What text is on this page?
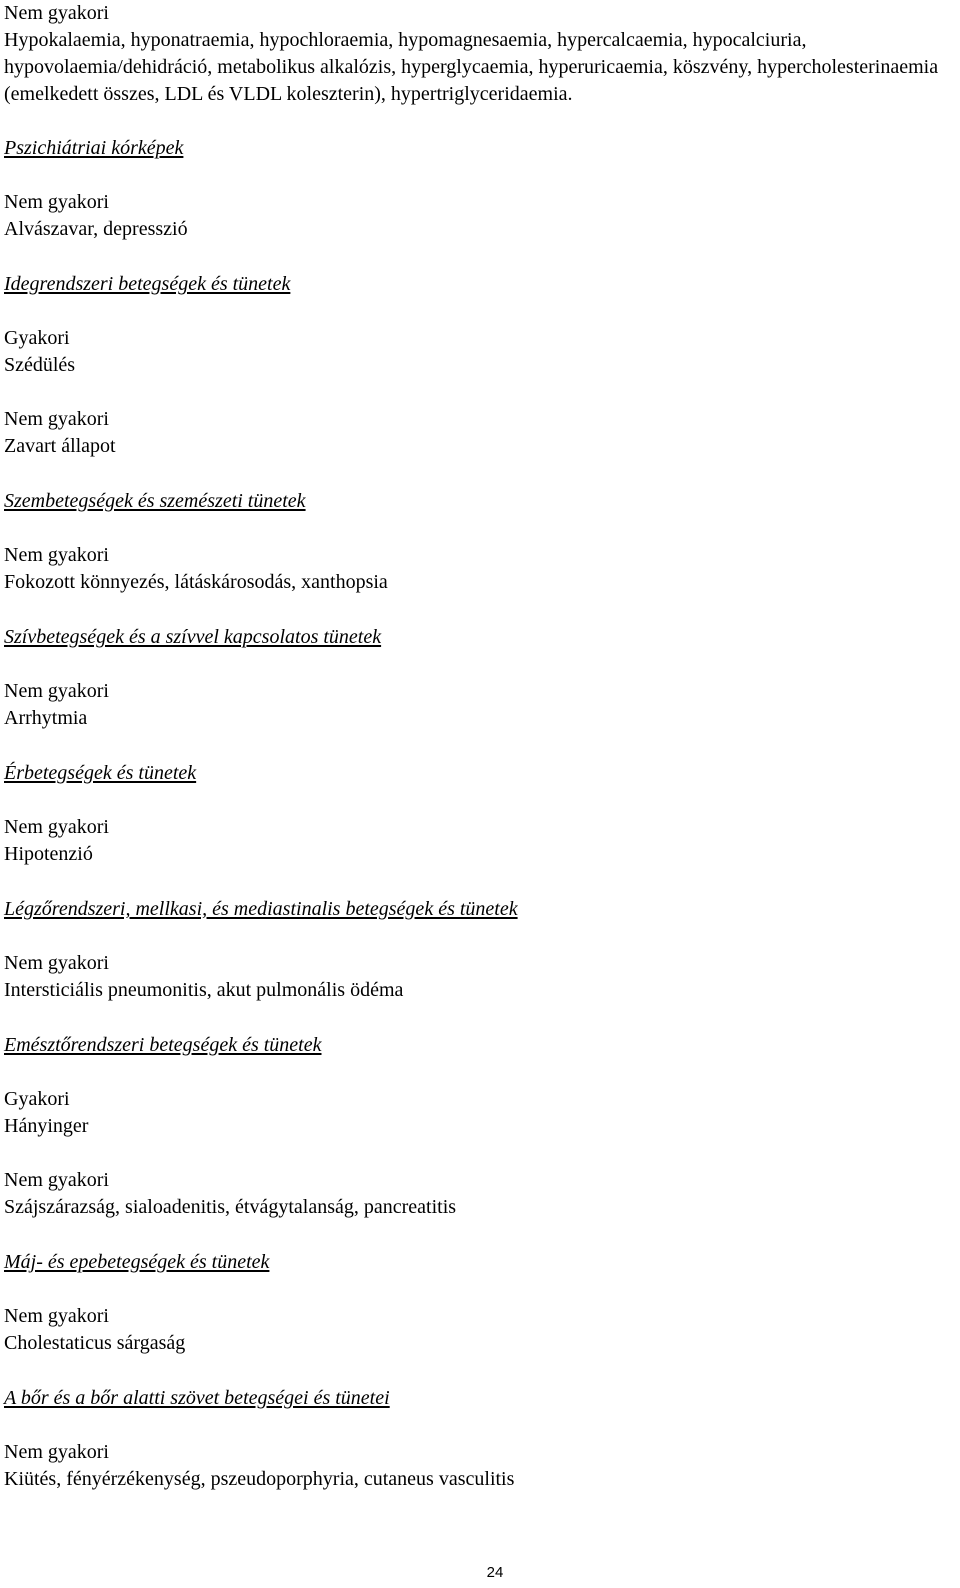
Nem gyakori

Hypokalaemia, hyponatraemia, hypochloraemia, hypomagnesaemia, hypercalcaemia, hypocalciuria, hypovolaemia/dehidráció, metabolikus alkalózis, hyperglycaemia, hyperuricaemia, köszvény, hypercholesterinaemia (emelkedett összes, LDL és VLDL koleszterin), hypertriglyceridaemia.

Pszichiátriai kórképek
Nem gyakori
Alvászavar, depresszió
Idegrendszeri betegségek és tünetek
Gyakori
Szédülés
Nem gyakori
Zavart állapot
Szembetegségek és szemészeti tünetek
Nem gyakori
Fokozott könnyezés, látáskárosodás, xanthopsia
Szívbetegségek és a szívvel kapcsolatos tünetek
Nem gyakori
Arrhytmia
Érbetegségek és tünetek
Nem gyakori
Hipotenzió
Légzőrendszeri, mellkasi, és mediastinalis betegségek és tünetek
Nem gyakori
Intersticiális pneumonitis, akut pulmonális ödéma
Emésztőrendszeri betegségek és tünetek
Gyakori
Hányinger
Nem gyakori
Szájszárazság, sialoadenitis, étvágytalanság, pancreatitis
Máj- és epebetegségek és tünetek
Nem gyakori
Cholestaticus sárgaság
A bőr és a bőr alatti szövet betegségei és tünetei
Nem gyakori
Kiütés, fényérzékenység, pszeudoporphyria, cutaneus vasculitis
24
